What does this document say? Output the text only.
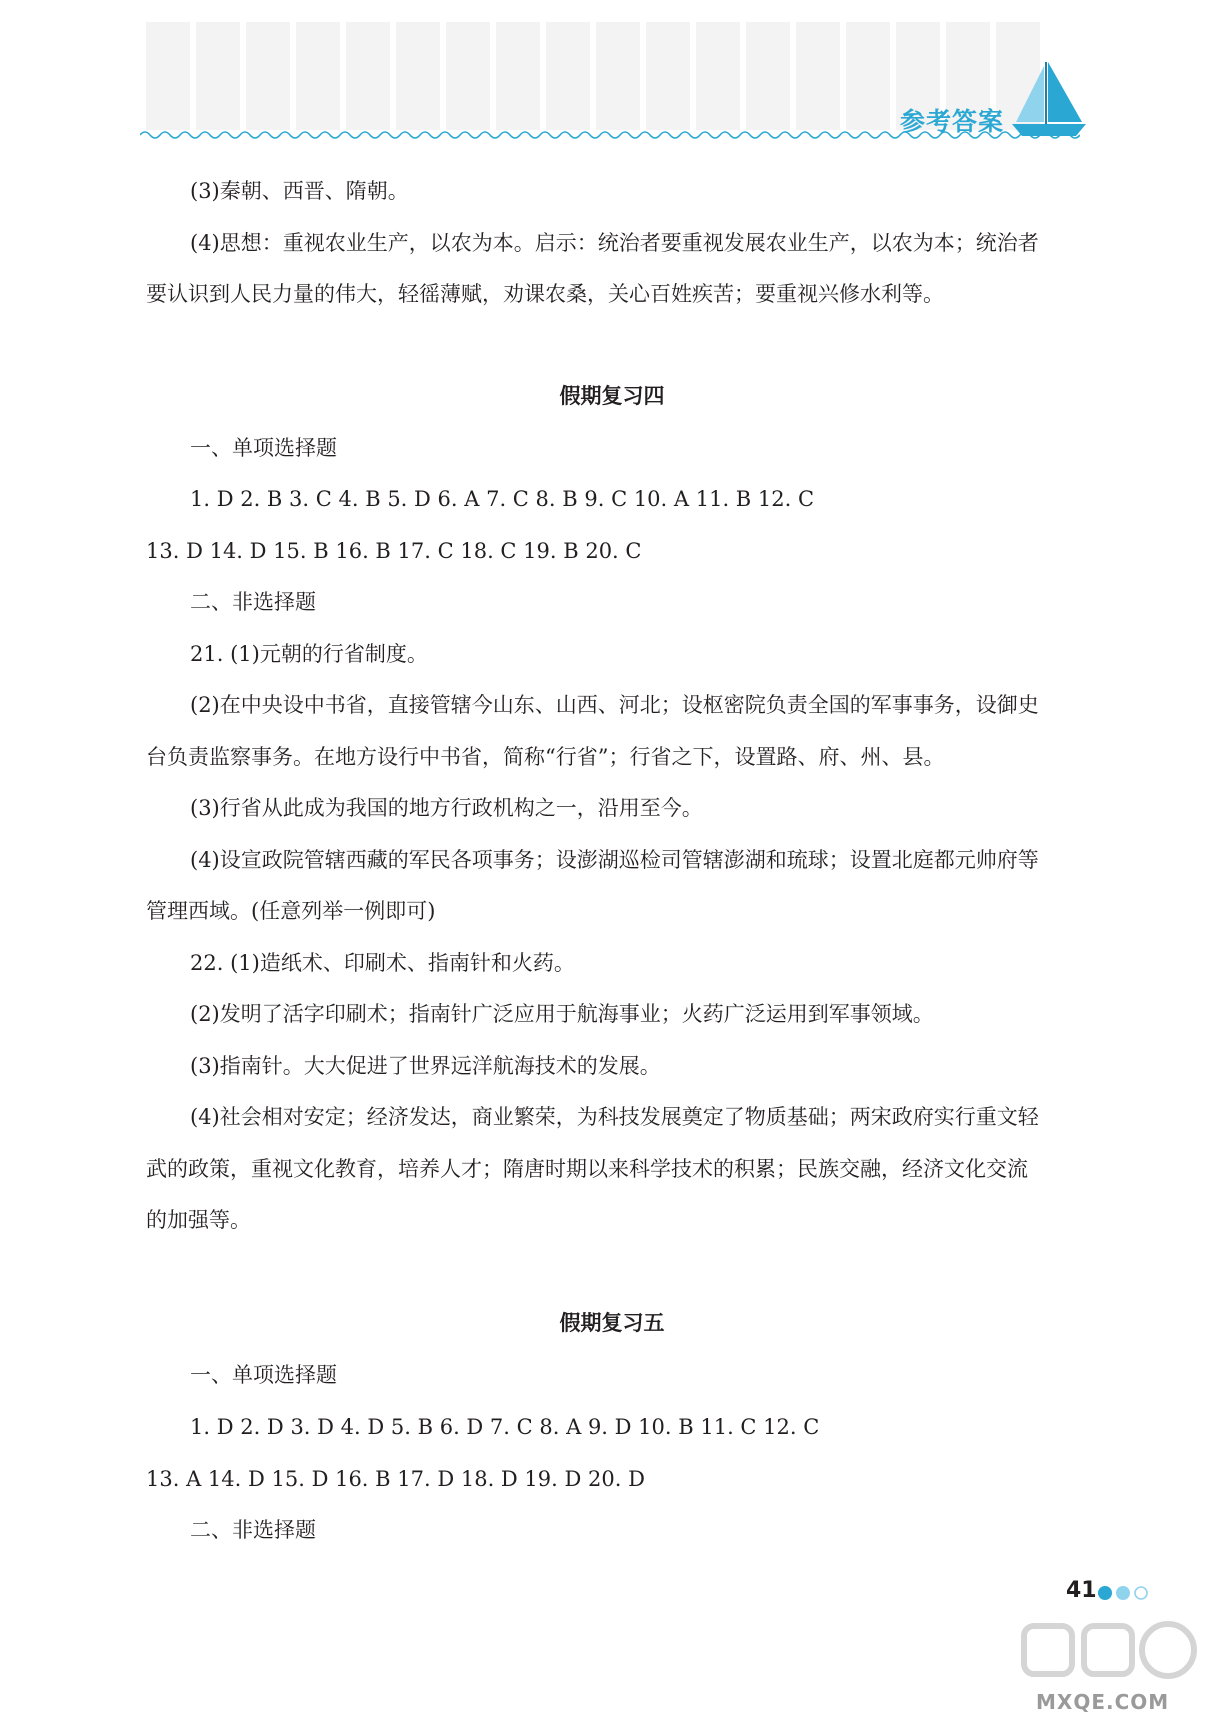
参考答案
(3)秦朝、西晋、隋朝。
(4)思想：重视农业生产，以农为本。启示：统治者要重视发展农业生产，以农为本；统治者
要认识到人民力量的伟大，轻徭薄赋，劝课农桑，关心百姓疾苦；要重视兴修水利等。
假期复习四
一、单项选择题
1. D 2. B 3. C 4. B 5. D 6. A 7. C 8. B 9. C 10. A 11. B 12. C
13. D 14. D 15. B 16. B 17. C 18. C 19. B 20. C
二、非选择题
21. (1)元朝的行省制度。
(2)在中央设中书省，直接管辖今山东、山西、河北；设枢密院负责全国的军事事务，设御史
台负责监察事务。在地方设行中书省，简称“行省”；行省之下，设置路、府、州、县。
(3)行省从此成为我国的地方行政机构之一，沿用至今。
(4)设宣政院管辖西藏的军民各项事务；设澎湖巡检司管辖澎湖和琉球；设置北庭都元帅府等
管理西域。(任意列举一例即可)
22. (1)造纸术、印刷术、指南针和火药。
(2)发明了活字印刷术；指南针广泛应用于航海事业；火药广泛运用到军事领域。
(3)指南针。大大促进了世界远洋航海技术的发展。
(4)社会相对安定；经济发达，商业繁荣，为科技发展奠定了物质基础；两宋政府实行重文轻
武的政策，重视文化教育，培养人才；隋唐时期以来科学技术的积累；民族交融，经济文化交流
的加强等。
假期复习五
一、单项选择题
1. D 2. D 3. D 4. D 5. B 6. D 7. C 8. A 9. D 10. B 11. C 12. C
13. A 14. D 15. D 16. B 17. D 18. D 19. D 20. D
二、非选择题
41
MXQE.COM
